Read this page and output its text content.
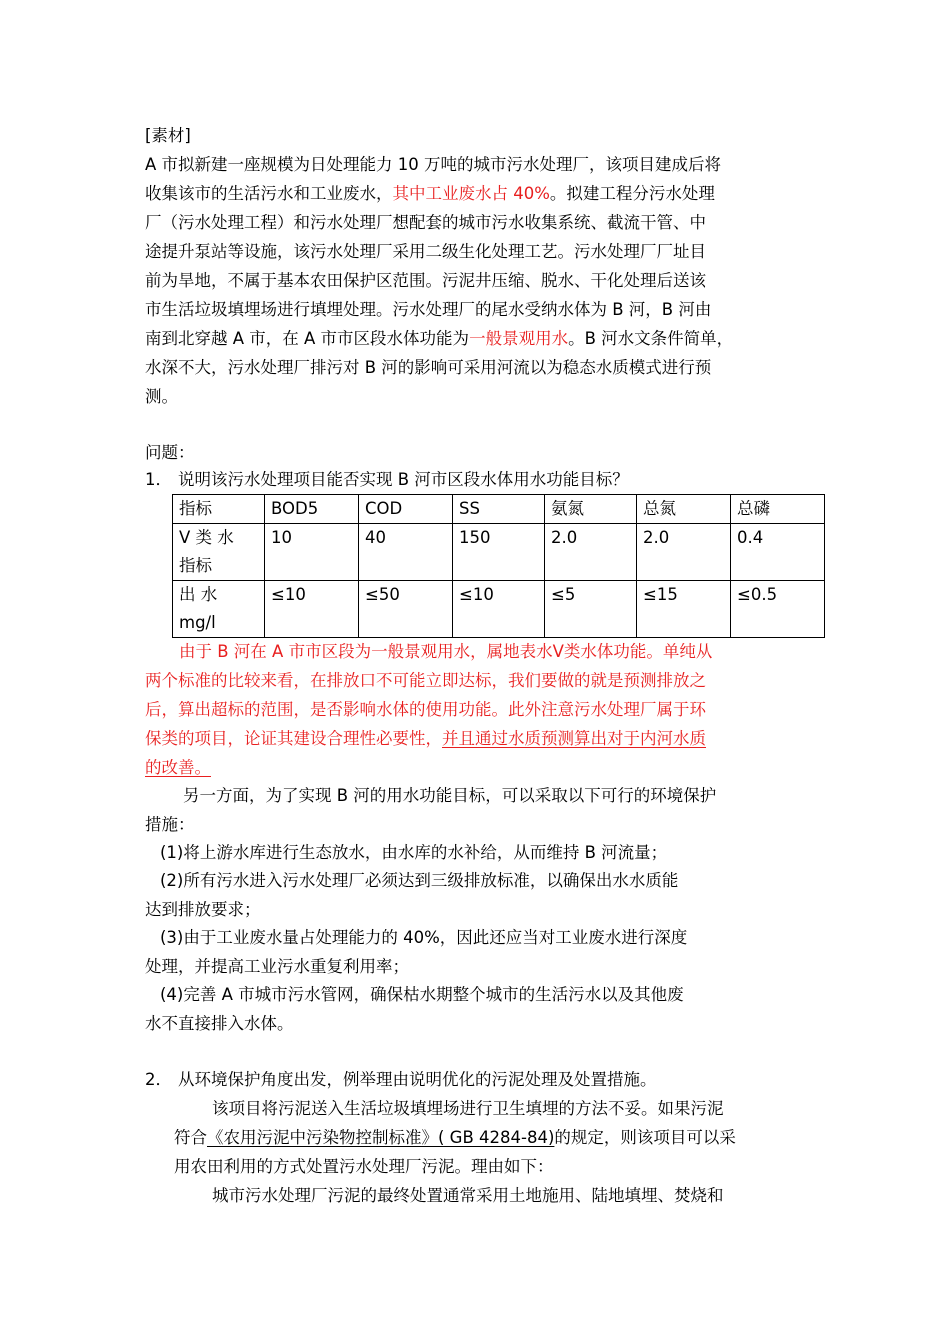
[素材]
A 市拟新建一座规模为日处理能力 10 万吨的城市污水处理厂，该项目建成后将
收集该市的生活污水和工业废水，其中工业废水占 40%。拟建工程分污水处理
厂（污水处理工程）和污水处理厂想配套的城市污水收集系统、截流干管、中
途提升泵站等设施，该污水处理厂采用二级生化处理工艺。污水处理厂厂址目
前为旱地，不属于基本农田保护区范围。污泥井压缩、脱水、干化处理后送该
市生活垃圾填埋场进行填埋处理。污水处理厂的尾水受纳水体为 B 河，B 河由
南到北穿越 A 市，在 A 市市区段水体功能为一般景观用水。B 河水文条件简单，
水深不大，污水处理厂排污对 B 河的影响可采用河流以为稳态水质模式进行预
测。
问题：
1． 说明该污水处理项目能否实现 B 河市区段水体用水功能目标？
指标	BOD5	COD	SS	氨氮	总氮	总磷

Ⅴ 类 水
指标	10	40	150	2.0	2.0	0.4

出 水
mg/l	≤10	≤50	≤10	≤5	≤15	≤0.5
由于 B 河在 A 市市区段为一般景观用水，属地表水Ⅴ类水体功能。单纯从
两个标准的比较来看，在排放口不可能立即达标，我们要做的就是预测排放之
后，算出超标的范围，是否影响水体的使用功能。此外注意污水处理厂属于环
保类的项目，论证其建设合理性必要性，并且通过水质预测算出对于内河水质
的改善。
另一方面，为了实现 B 河的用水功能目标，可以采取以下可行的环境保护
措施：
(1)将上游水库进行生态放水，由水库的水补给，从而维持 B 河流量；
(2)所有污水进入污水处理厂必须达到三级排放标准，以确保出水水质能
达到排放要求；
(3)由于工业废水量占处理能力的 40%，因此还应当对工业废水进行深度
处理，并提高工业污水重复利用率；
(4)完善 A 市城市污水管网，确保枯水期整个城市的生活污水以及其他废
水不直接排入水体。
2． 从环境保护角度出发，例举理由说明优化的污泥处理及处置措施。
该项目将污泥送入生活垃圾填埋场进行卫生填埋的方法不妥。如果污泥
符合《农用污泥中污染物控制标准》( GB 4284-84)的规定，则该项目可以采
用农田利用的方式处置污水处理厂污泥。理由如下：
城市污水处理厂污泥的最终处置通常采用土地施用、陆地填埋、焚烧和
